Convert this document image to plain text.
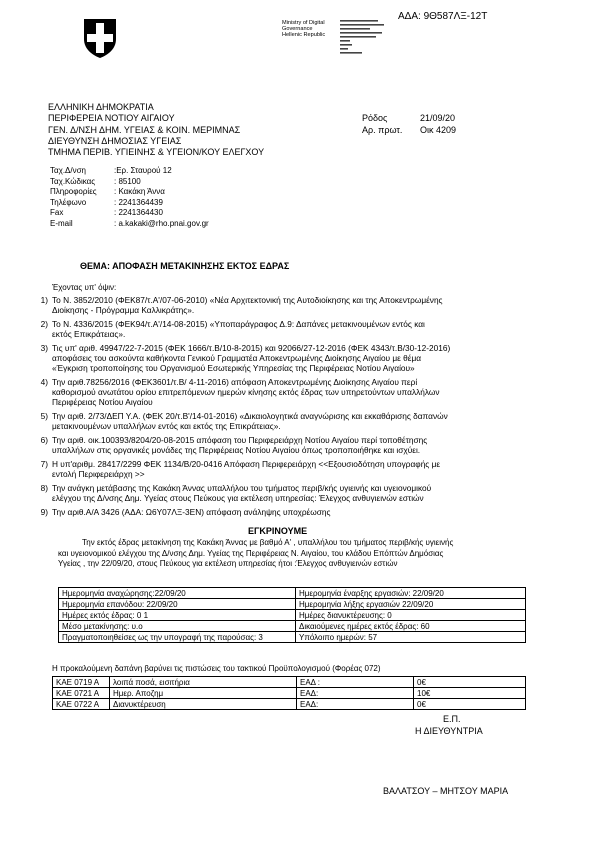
ΑΔΑ: 9Θ587ΛΞ-12Τ
Ministry of Digital
Governance
Hellenic Republic
ΕΛΛΗΝΙΚΗ ΔΗΜΟΚΡΑΤΙΑ
ΠΕΡΙΦΕΡΕΙΑ ΝΟΤΙΟΥ ΑΙΓΑΙΟΥ
ΓΕΝ. Δ/ΝΣΗ ΔΗΜ. ΥΓΕΙΑΣ & ΚΟΙΝ. ΜΕΡΙΜΝΑΣ
ΔΙΕΥΘΥΝΣΗ ΔΗΜΟΣΙΑΣ ΥΓΕΙΑΣ
ΤΜΗΜΑ ΠΕΡΙΒ. ΥΓΙΕΙΝΗΣ & ΥΓΕΙΟΝ/ΚΟΥ ΕΛΕΓΧΟΥ
Ρόδος	21/09/20
Αρ. πρωτ. Οικ 4209
Ταχ.Δ/νση	:Ερ. Σταυρού 12
Ταχ.Κώδικας : 85100
Πληροφορίες : Κακάκη Άννα
Τηλέφωνο	: 2241364439
Fax	: 2241364430
E-mail	: a.kakaki@rho.pnai.gov.gr
ΘΕΜΑ: ΑΠΟΦΑΣΗ ΜΕΤΑΚΙΝΗΣΗΣ ΕΚΤΟΣ ΕΔΡΑΣ
Έχοντας υπ' όψιν:
1) Το Ν. 3852/2010 (ΦΕΚ87/τ.Α'/07-06-2010) «Νέα Αρχιτεκτονική της Αυτοδιοίκησης και της Αποκεντρωμένης
Διοίκησης - Πρόγραμμα Καλλικράτης».
2) Το Ν. 4336/2015 (ΦΕΚ94/τ.Α'/14-08-2015) «Υποπαράγραφος Δ.9: Δαπάνες μετακινουμένων εντός και
εκτός Επικράτειας».
3) Τις υπ' αριθ. 49947/22-7-2015 (ΦΕΚ 1666/τ.Β/10-8-2015) και 92066/27-12-2016 (ΦΕΚ 4343/τ.Β/30-12-2016)
αποφάσεις του ασκούντα καθήκοντα Γενικού Γραμματέα Αποκεντρωμένης Διοίκησης Αιγαίου με θέμα
«Έγκριση τροποποίησης του Οργανισμού Εσωτερικής Υπηρεσίας της Περιφέρειας Νοτίου Αιγαίου»
4) Την αριθ.78256/2016 (ΦΕΚ3601/τ.Β/ 4-11-2016) απόφαση Αποκεντρωμένης Διοίκησης Αιγαίου περί
καθορισμού ανωτάτου ορίου επιτρεπόμενων ημερών κίνησης εκτός έδρας των υπηρετούντων υπαλλήλων
Περιφέρειας Νοτίου Αιγαίου
5) Την αριθ. 2/73/ΔΕΠ Υ.Α. (ΦΕΚ 20/τ.Β'/14-01-2016) «Δικαιολογητικά αναγνώρισης και εκκαθάρισης δαπανών
μετακινουμένων υπαλλήλων εντός και εκτός της Επικράτειας».
6) Την αριθ. οικ.100393/8204/20-08-2015 απόφαση του Περιφερειάρχη Νοτίου Αιγαίου περί τοποθέτησης
υπαλλήλων στις οργανικές μονάδες της Περιφέρειας Νοτίου Αιγαίου όπως τροποποιήθηκε και ισχύει.
7) Η υπ'αριθμ. 28417/2299 ΦΕΚ 1134/Β/20-0416 Απόφαση Περιφερειάρχη <<Εξουσιοδότηση υπογραφής με
εντολή Περιφερειάρχη >>
8) Την ανάγκη μετάβασης της Κακάκη Άννας υπαλλήλου του τμήματος περιβ/κής υγιεινής και υγειονομικού
ελέγχου της Δ/νσης Δημ. Υγείας στους Πεύκους για εκτέλεση υπηρεσίας: Έλεγχος ανθυγιεινών εστιών
9) Την αριθ.Α/Α 3426 (ΑΔΑ: Ω6Υ07ΛΞ-3ΕΝ) απόφαση ανάληψης υποχρέωσης
ΕΓΚΡΙΝΟΥΜΕ
Την εκτός έδρας μετακίνηση της Κακάκη Άννας με βαθμό Α' , υπαλλήλου του τμήματος περιβ/κής υγιεινής
και υγειονομικού ελέγχου της Δ/νσης Δημ. Υγείας της Περιφέρειας Ν. Αιγαίου, του κλάδου Επόπτών Δημόσιας
Υγείας , την 22/09/20, στους Πεύκους για εκτέλεση υπηρεσίας ήτοι :Έλεγχος ανθυγιεινών εστιών
Ημερομηνία αναχώρησης:22/09/20	Ημερομηνία έναρξης εργασιών: 22/09/20
Ημερομηνία επανόδου: 22/09/20	Ημερομηνία λήξης εργασιών 22/09/20
Ημέρες εκτός έδρας: 0 1	Ημέρες διανυκτέρευσης: 0
Μέσο μετακίνησης: υ.ο	Δικαιούμενες ημέρες εκτός έδρας: 60
Πραγματοποιηθείσες ως την υπογραφή της παρούσας: 3	Υπόλοιπο ημερών: 57
Η προκαλούμενη δαπάνη βαρύνει τις πιστώσεις του τακτικού Προϋπολογισμού (Φορέας 072)
ΚΑΕ 0719 Α	λοιπά ποσά, εισιτήρια	ΕΑΔ :	0€
ΚΑΕ 0721 Α	Ημερ. Αποζημ	ΕΑΔ:	10€
ΚΑΕ 0722 Α	Διανυκτέρευση	ΕΑΔ:	0€
Ε.Π.
Η ΔΙΕΥΘΥΝΤΡΙΑ
ΒΑΛΑΤΣΟΥ – ΜΗΤΣΟΥ ΜΑΡΙΑ
